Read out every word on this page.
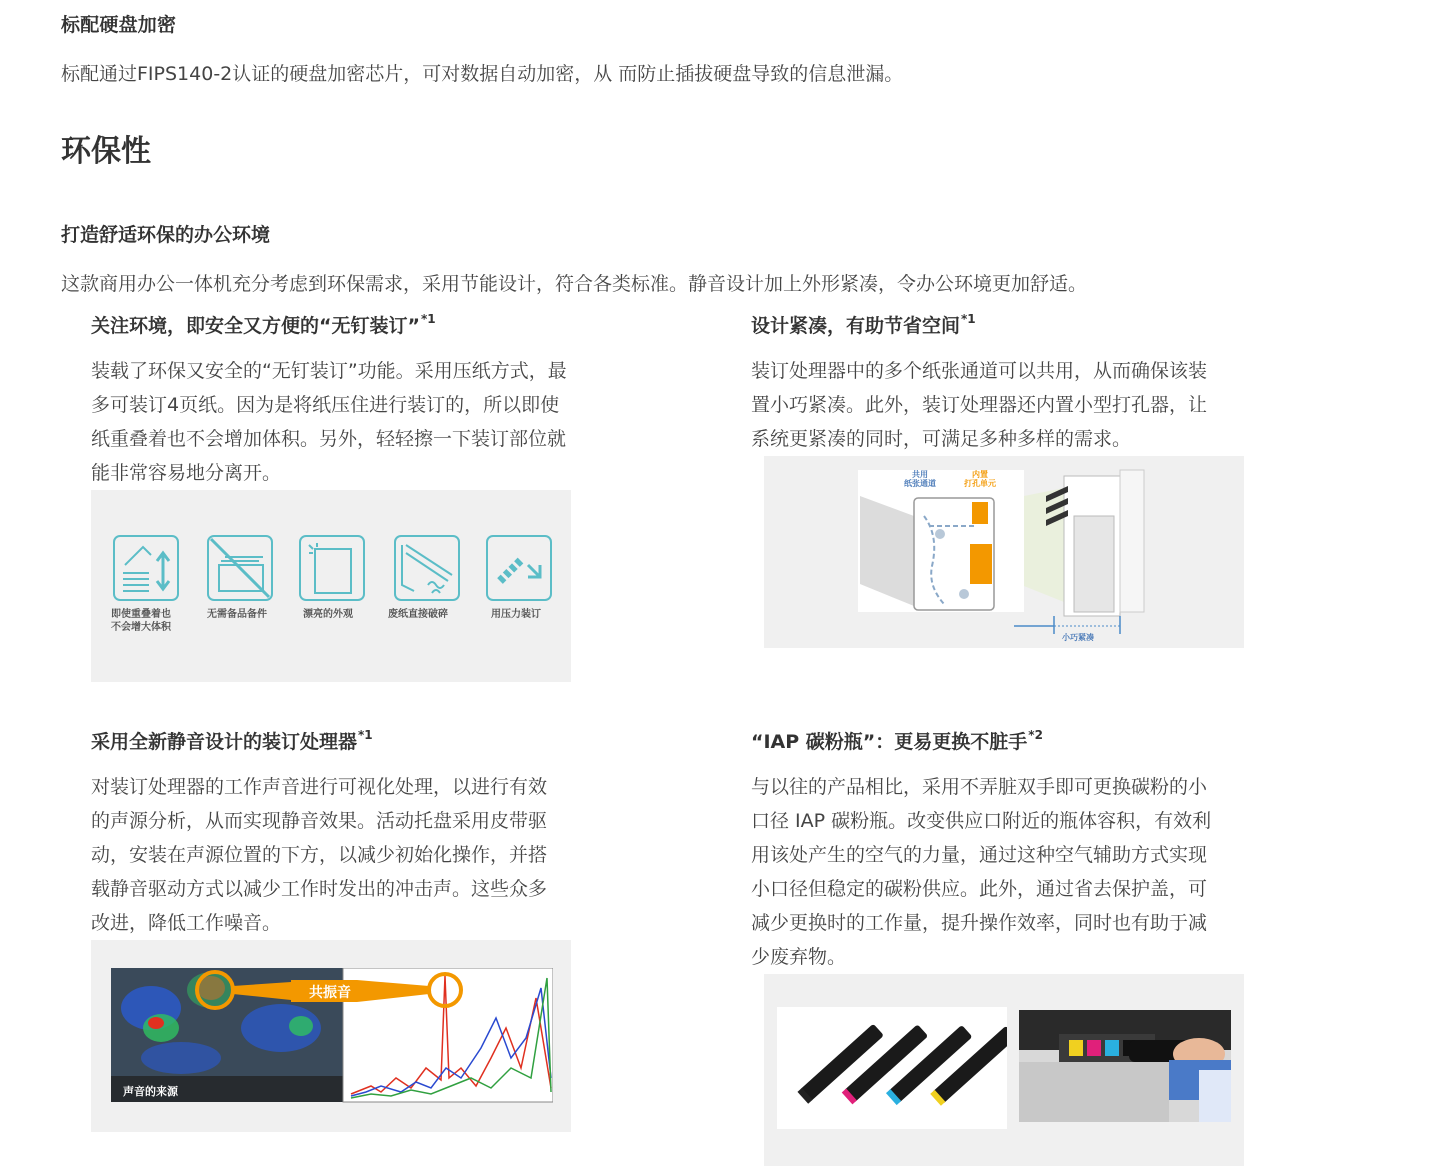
标配硬盘加密
标配通过FIPS140-2认证的硬盘加密芯片，可对数据自动加密，从 而防止插拔硬盘导致的信息泄漏。
环保性
打造舒适环保的办公环境
这款商用办公一体机充分考虑到环保需求，采用节能设计，符合各类标准。静音设计加上外形紧凑，令办公环境更加舒适。
关注环境，即安全又方便的“无钉装订”$^{*1}$
装载了环保又安全的“无钉装订”功能。采用压纸方式，最
多可装订4页纸。因为是将纸压住进行装订的，所以即使
纸重叠着也不会增加体积。另外，轻轻擦一下装订部位就
能非常容易地分离开。
即使重叠着也
不会增大体积
无需备品备件	漂亮的外观	废纸直接破碎	用压力装订
设计紧凑，有助节省空间$^{*1}$
装订处理器中的多个纸张通道可以共用，从而确保该装
置小巧紧凑。此外，装订处理器还内置小型打孔器，让
系统更紧凑的同时，可满足多种多样的需求。
共用
纸张通道
内置
打孔单元
小巧紧凑
采用全新静音设计的装订处理器$^{*1}$
对装订处理器的工作声音进行可视化处理，以进行有效
的声源分析，从而实现静音效果。活动托盘采用皮带驱
动，安装在声源位置的下方，以减少初始化操作，并搭
载静音驱动方式以减少工作时发出的冲击声。这些众多
改进，降低工作噪音。
共振音
声音的来源
“IAP 碳粉瓶”：更易更换不脏手$^{*2}$
与以往的产品相比，采用不弄脏双手即可更换碳粉的小
口径 IAP 碳粉瓶。改变供应口附近的瓶体容积，有效利
用该处产生的空气的力量，通过这种空气辅助方式实现
小口径但稳定的碳粉供应。此外，通过省去保护盖，可
减少更换时的工作量，提升操作效率，同时也有助于减
少废弃物。
